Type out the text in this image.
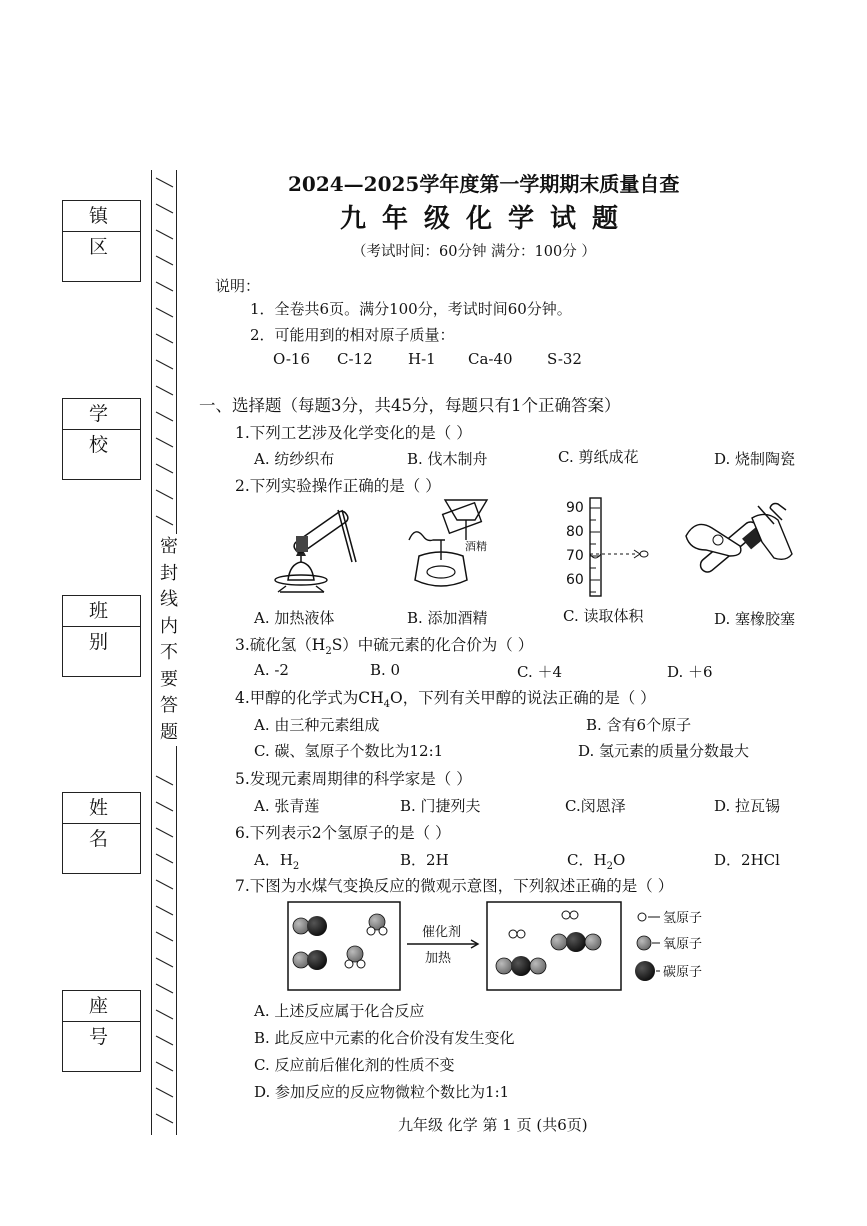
镇区
学校
班别
姓名
座号
密封线内不要答题
2024—2025学年度第一学期期末质量自查
九年级化学试题
（考试时间：60分钟 满分：100分 ）
说明：
1．全卷共6页。满分100分，考试时间60分钟。
2．可能用到的相对原子质量：
O-16 C-12 H-1 Ca-40 S-32
一、选择题（每题3分，共45分，每题只有1个正确答案）
1.下列工艺涉及化学变化的是（ ）
A. 纺纱织布	B. 伐木制舟	C. 剪纸成花	D. 烧制陶瓷
2.下列实验操作正确的是（ ）
酒精
90
80
70
60
A. 加热液体	B. 添加酒精	C. 读取体积	D. 塞橡胶塞
3.硫化氢$(H_2S)$中硫元素的化合价为（ ）
A. -2	B. 0	C. ＋4	D. ＋6
4.甲醇的化学式为$CH_4O$，下列有关甲醇的说法正确的是（ ）
A. 由三种元素组成	B. 含有6个原子
C. 碳、氢原子个数比为12:1	D. 氢元素的质量分数最大
5.发现元素周期律的科学家是（ ）
A. 张青莲	B. 门捷列夫	C.闵恩泽	D. 拉瓦锡
6.下列表示2个氢原子的是（ ）
A．$H_2$	B．2H	C．$H_2O$	D．2HCl
7.下图为水煤气变换反应的微观示意图，下列叙述正确的是（ ）
催化剂
加热
氢原子
氧原子
碳原子
A. 上述反应属于化合反应
B. 此反应中元素的化合价没有发生变化
C. 反应前后催化剂的性质不变
D. 参加反应的反应物微粒个数比为1:1
九年级 化学 第 1 页 (共6页)
